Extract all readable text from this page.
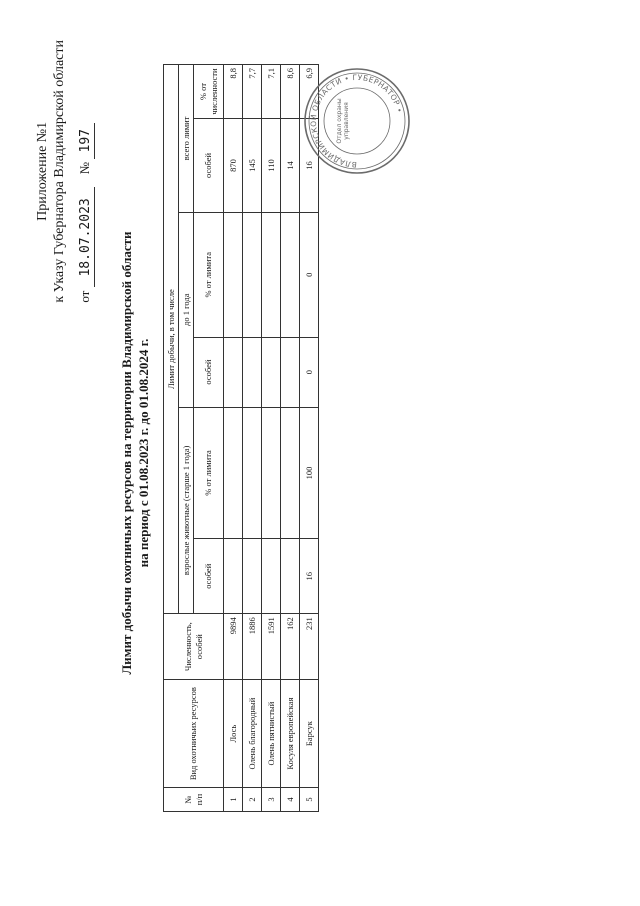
Приложение №1 к Указу Губернатора Владимирской области от 18.07.2023    № 197
Лимит добычи охотничьих ресурсов на территории Владимирской области на период с 01.08.2023 г. до 01.08.2024 г.
№ п/п	Вид охотничьих ресурсов	Численность, особей	Лимит добычи, в том числе					
			взрослые животные (старше 1 года)		до 1 года		всего лимит	
			особей	% от лимита	особей	% от лимита	особей	% от численности
1	Лось	9894					870	8,8
2	Олень благородный	1886					145	7,7
3	Олень пятнистый	1591					110	7,1
4	Косуля европейская	162					14	8,6
5	Барсук	231	16	100	0	0	16	6,9
ВЛАДИМИРСКОЙ ОБЛАСТИ • ГУБЕРНАТОР •
Отдел охраны управления
